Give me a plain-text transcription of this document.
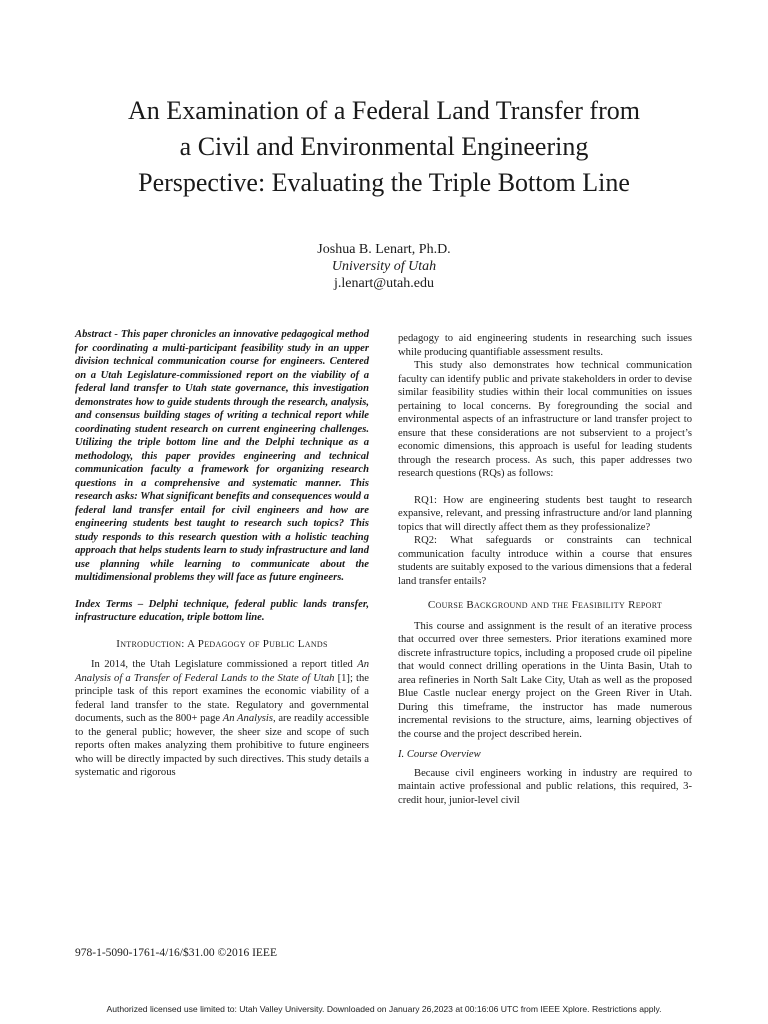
An Examination of a Federal Land Transfer from
a Civil and Environmental Engineering
Perspective: Evaluating the Triple Bottom Line
Joshua B. Lenart, Ph.D.
University of Utah
j.lenart@utah.edu

Abstract - This paper chronicles an innovative pedagogical method for coordinating a multi-participant feasibility study in an upper division technical communication course for engineers. Centered on a Utah Legislature-commissioned report on the viability of a federal land transfer to Utah state governance, this investigation demonstrates how to guide students through the research, analysis, and consensus building stages of writing a technical report while coordinating student research on current engineering challenges. Utilizing the triple bottom line and the Delphi technique as a methodology, this paper provides engineering and technical communication faculty a framework for organizing research questions in a comprehensive and systematic manner. This research asks: What significant benefits and consequences would a federal land transfer entail for civil engineers and how are engineering students best taught to research such topics? This study responds to this research question with a holistic teaching approach that helps students learn to study infrastructure and land use planning while learning to communicate about the multidimensional problems they will face as future engineers.

Index Terms – Delphi technique, federal public lands transfer, infrastructure education, triple bottom line.

Introduction: A Pedagogy of Public Lands

In 2014, the Utah Legislature commissioned a report titled An Analysis of a Transfer of Federal Lands to the State of Utah [1]; the principle task of this report examines the economic viability of a federal land transfer to the state. Regulatory and governmental documents, such as the 800+ page An Analysis, are readily accessible to the general public; however, the sheer size and scope of such reports often makes analyzing them prohibitive to future engineers who will be directly impacted by such directives. This study details a systematic and rigorous

pedagogy to aid engineering students in researching such issues while producing quantifiable assessment results.

This study also demonstrates how technical communication faculty can identify public and private stakeholders in order to devise similar feasibility studies within their local communities on issues pertaining to local concerns. By foregrounding the social and environmental aspects of an infrastructure or land transfer project to ensure that these considerations are not subservient to a project’s economic dimensions, this approach is useful for leading students through the research process. As such, this paper addresses two research questions (RQs) as follows:

RQ1: How are engineering students best taught to research expansive, relevant, and pressing infrastructure and/or land planning topics that will directly affect them as they professionalize?

RQ2: What safeguards or constraints can technical communication faculty introduce within a course that ensures students are suitably exposed to the various dimensions that a federal land transfer entails?

Course Background and the Feasibility Report

This course and assignment is the result of an iterative process that occurred over three semesters. Prior iterations examined more discrete infrastructure topics, including a proposed crude oil pipeline that would connect drilling operations in the Uinta Basin, Utah to area refineries in North Salt Lake City, Utah as well as the proposed Blue Castle nuclear energy project on the Green River in Utah. During this timeframe, the instructor has made numerous incremental revisions to the structure, aims, learning objectives of the course and the project described herein.

I. Course Overview

Because civil engineers working in industry are required to maintain active professional and public relations, this required, 3-credit hour, junior-level civil

978-1-5090-1761-4/16/$31.00 ©2016 IEEE
Authorized licensed use limited to: Utah Valley University. Downloaded on January 26,2023 at 00:16:06 UTC from IEEE Xplore. Restrictions apply.
